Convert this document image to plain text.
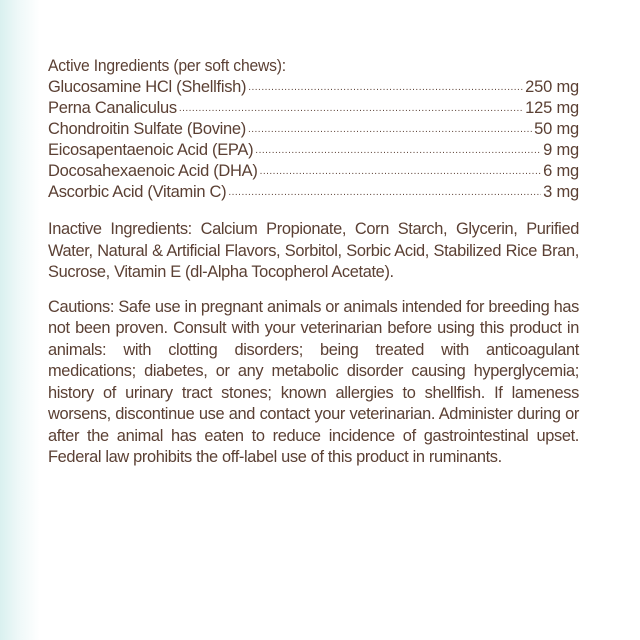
Active Ingredients (per soft chews):
Glucosamine HCl (Shellfish) .....	250 mg
Perna Canaliculus .....	125 mg
Chondroitin Sulfate (Bovine) .....	50 mg
Eicosapentaenoic Acid (EPA) .....	9 mg
Docosahexaenoic Acid (DHA) .....	6 mg
Ascorbic Acid (Vitamin C) .....	3 mg

Inactive Ingredients: Calcium Propionate, Corn Starch, Glycerin, Purified Water, Natural & Artificial Flavors, Sorbitol, Sorbic Acid, Stabilized Rice Bran, Sucrose, Vitamin E (dl-Alpha Tocopherol Acetate).

Cautions: Safe use in pregnant animals or animals intended for breeding has not been proven. Consult with your veterinarian before using this product in animals: with clotting disorders; being treated with anticoagulant medications; diabetes, or any metabolic disorder causing hyperglycemia; history of urinary tract stones; known allergies to shellfish. If lameness worsens, discontinue use and contact your veterinarian. Administer during or after the animal has eaten to reduce incidence of gastrointestinal upset. Federal law prohibits the off-label use of this product in ruminants.
